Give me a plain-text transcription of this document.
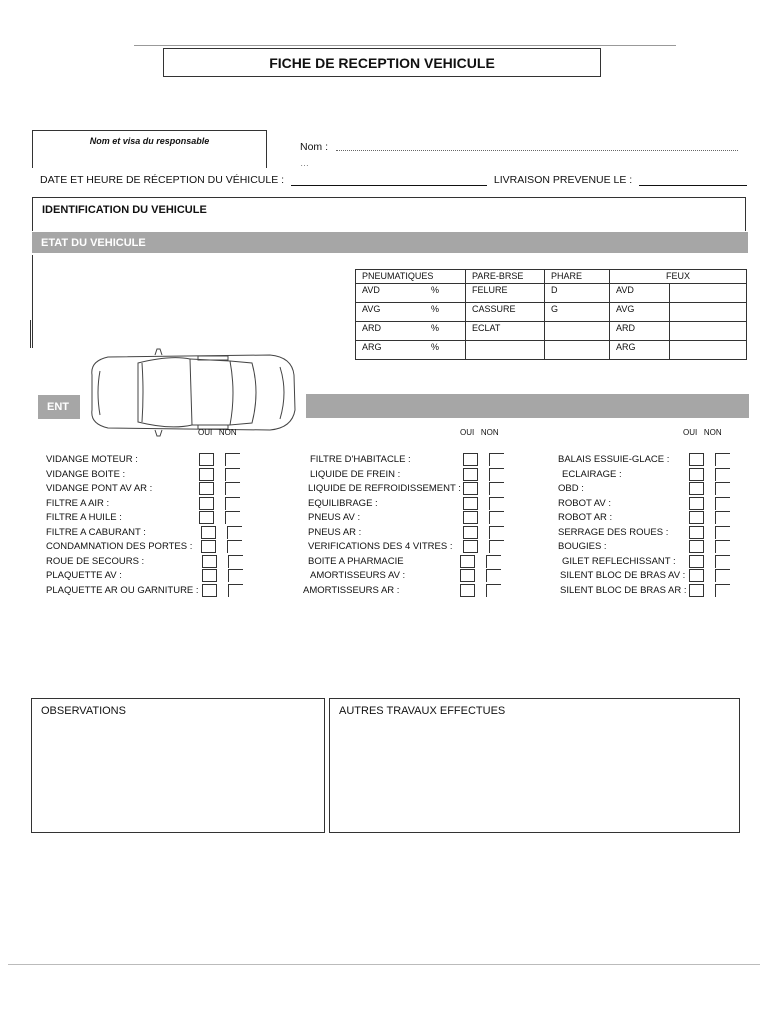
FICHE DE RECEPTION VEHICULE
Nom et visa du responsable	Nom :
…
DATE ET HEURE DE RÉCEPTION DU VÉHICULE :	LIVRAISON PREVENUE LE :
IDENTIFICATION DU VEHICULE
ETAT DU VEHICULE
PNEUMATIQUES	PARE-BRSE	PHARE	FEUX	
AVD %	FELURE	D	AVD	
AVG %	CASSURE	G	AVG	
ARD %	ECLAT		ARD	
ARG %			ARG	
ENT
OUI NON	OUI NON	OUI NON
VIDANGE MOTEUR :
VIDANGE BOITE :
VIDANGE PONT AV AR :
FILTRE A AIR :
FILTRE A HUILE :
FILTRE A CABURANT :
CONDAMNATION DES PORTES :
ROUE DE SECOURS :
PLAQUETTE AV :
PLAQUETTE AR OU GARNITURE :
FILTRE D'HABITACLE :
LIQUIDE DE FREIN :
LIQUIDE DE REFROIDISSEMENT :
EQUILIBRAGE :
PNEUS AV :
PNEUS AR :
VERIFICATIONS DES 4 VITRES :
BOITE A PHARMACIE
AMORTISSEURS AV :
AMORTISSEURS AR :
BALAIS ESSUIE-GLACE :
ECLAIRAGE :
OBD :
ROBOT AV :
ROBOT AR :
SERRAGE DES ROUES :
BOUGIES :
GILET REFLECHISSANT :
SILENT BLOC DE BRAS AV :
SILENT BLOC DE BRAS AR :
OBSERVATIONS	AUTRES TRAVAUX EFFECTUES
